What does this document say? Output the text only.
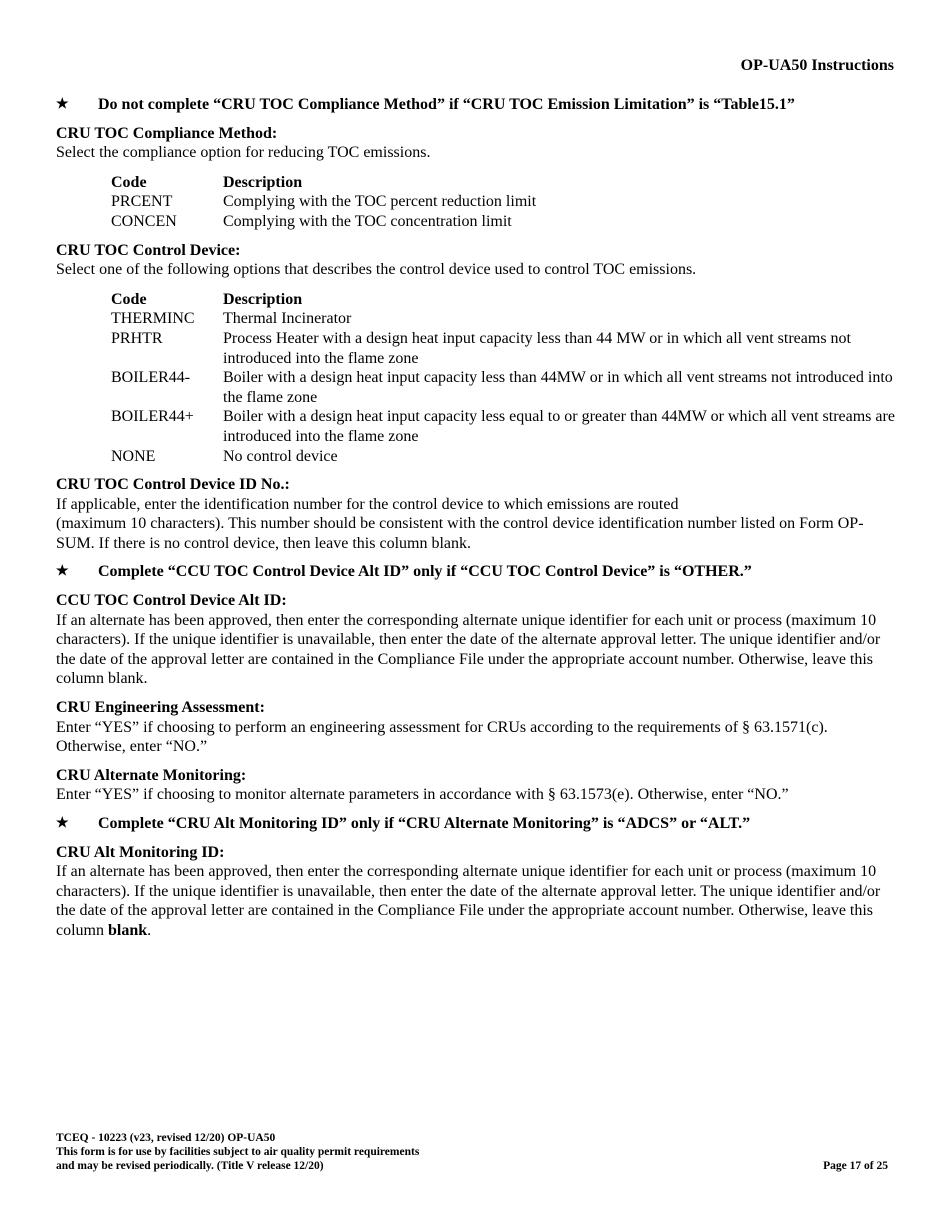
OP-UA50 Instructions
★ Do not complete “CRU TOC Compliance Method” if “CRU TOC Emission Limitation” is “Table15.1”
CRU TOC Compliance Method:
Select the compliance option for reducing TOC emissions.
Code	Description
PRCENT	Complying with the TOC percent reduction limit
CONCEN	Complying with the TOC concentration limit
CRU TOC Control Device:
Select one of the following options that describes the control device used to control TOC emissions.
Code	Description
THERMINC	Thermal Incinerator
PRHTR	Process Heater with a design heat input capacity less than 44 MW or in which all vent streams not introduced into the flame zone
BOILER44-	Boiler with a design heat input capacity less than 44MW or in which all vent streams not introduced into the flame zone
BOILER44+	Boiler with a design heat input capacity less equal to or greater than 44MW or which all vent streams are introduced into the flame zone
NONE	No control device
CRU TOC Control Device ID No.:
If applicable, enter the identification number for the control device to which emissions are routed
(maximum 10 characters). This number should be consistent with the control device identification number listed on Form OP-SUM. If there is no control device, then leave this column blank.
★ Complete “CCU TOC Control Device Alt ID” only if “CCU TOC Control Device” is “OTHER.”
CCU TOC Control Device Alt ID:
If an alternate has been approved, then enter the corresponding alternate unique identifier for each unit or process (maximum 10 characters). If the unique identifier is unavailable, then enter the date of the alternate approval letter. The unique identifier and/or the date of the approval letter are contained in the Compliance File under the appropriate account number. Otherwise, leave this column blank.
CRU Engineering Assessment:
Enter “YES” if choosing to perform an engineering assessment for CRUs according to the requirements of § 63.1571(c). Otherwise, enter “NO.”
CRU Alternate Monitoring:
Enter “YES” if choosing to monitor alternate parameters in accordance with § 63.1573(e). Otherwise, enter “NO.”
★ Complete “CRU Alt Monitoring ID” only if “CRU Alternate Monitoring” is “ADCS” or “ALT.”
CRU Alt Monitoring ID:
If an alternate has been approved, then enter the corresponding alternate unique identifier for each unit or process (maximum 10 characters). If the unique identifier is unavailable, then enter the date of the alternate approval letter. The unique identifier and/or the date of the approval letter are contained in the Compliance File under the appropriate account number. Otherwise, leave this column blank.
TCEQ - 10223 (v23, revised 12/20) OP-UA50
This form is for use by facilities subject to air quality permit requirements
and may be revised periodically. (Title V release 12/20)	Page 17 of 25
